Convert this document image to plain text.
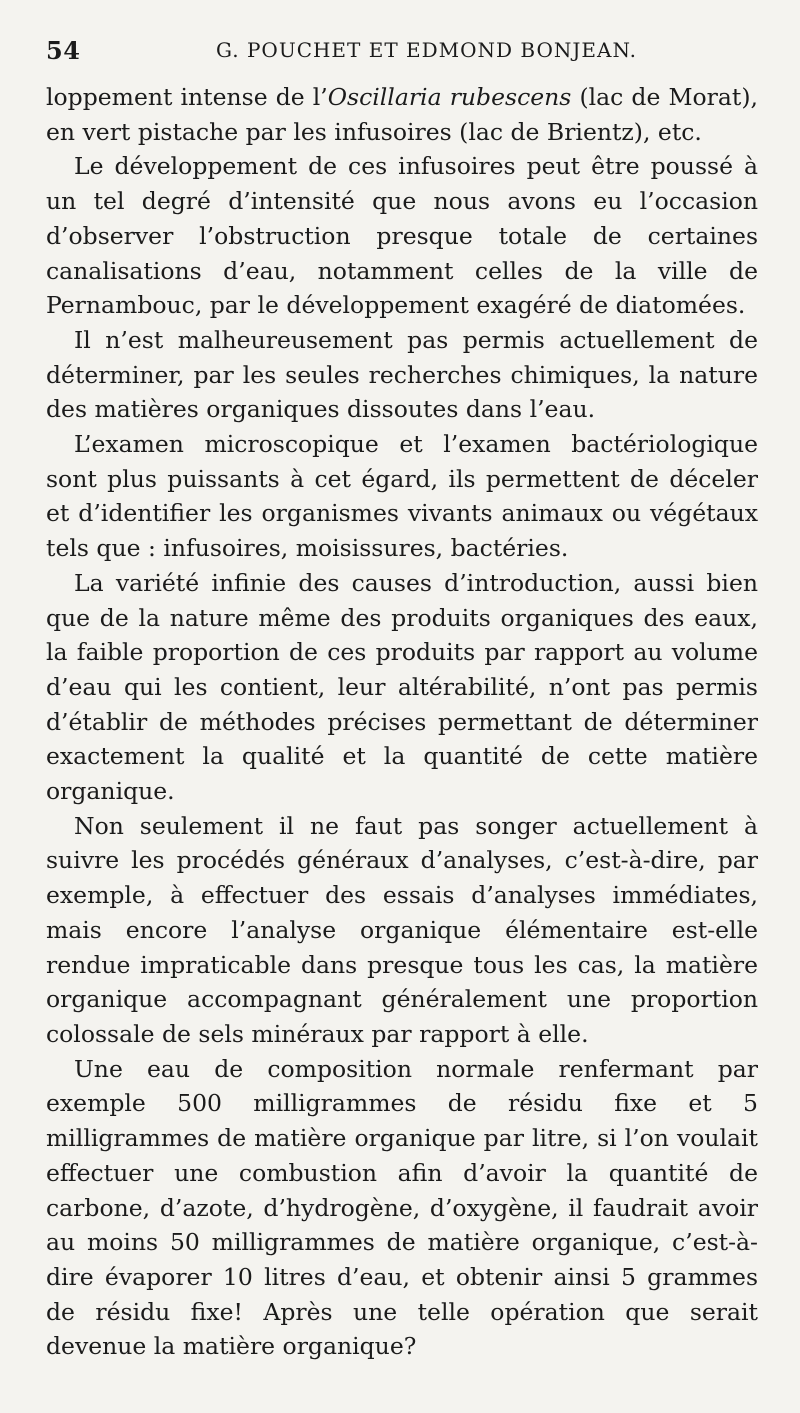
54	G. POUCHET ET EDMOND BONJEAN.

loppement intense de l’Oscillaria rubescens (lac de Morat), en vert pistache par les infusoires (lac de Brientz), etc.

Le développement de ces infusoires peut être poussé à un tel degré d’intensité que nous avons eu l’occasion d’observer l’obstruction presque totale de certaines canalisations d’eau, notamment celles de la ville de Pernambouc, par le développement exagéré de diatomées.

Il n’est malheureusement pas permis actuellement de déterminer, par les seules recherches chimiques, la nature des matières organiques dissoutes dans l’eau.

L’examen microscopique et l’examen bactériologique sont plus puissants à cet égard, ils permettent de déceler et d’identifier les organismes vivants animaux ou végétaux tels que : infusoires, moisissures, bactéries.

La variété infinie des causes d’introduction, aussi bien que de la nature même des produits organiques des eaux, la faible proportion de ces produits par rapport au volume d’eau qui les contient, leur altérabilité, n’ont pas permis d’établir de méthodes précises permettant de déterminer exactement la qualité et la quantité de cette matière organique.

Non seulement il ne faut pas songer actuellement à suivre les procédés généraux d’analyses, c’est-à-dire, par exemple, à effectuer des essais d’analyses immédiates, mais encore l’analyse organique élémentaire est-elle rendue impraticable dans presque tous les cas, la matière organique accompagnant généralement une proportion colossale de sels minéraux par rapport à elle.

Une eau de composition normale renfermant par exemple 500 milligrammes de résidu fixe et 5 milligrammes de matière organique par litre, si l’on voulait effectuer une combustion afin d’avoir la quantité de carbone, d’azote, d’hydrogène, d’oxygène, il faudrait avoir au moins 50 milligrammes de matière organique, c’est-à-dire évaporer 10 litres d’eau, et obtenir ainsi 5 grammes de résidu fixe! Après une telle opération que serait devenue la matière organique?
